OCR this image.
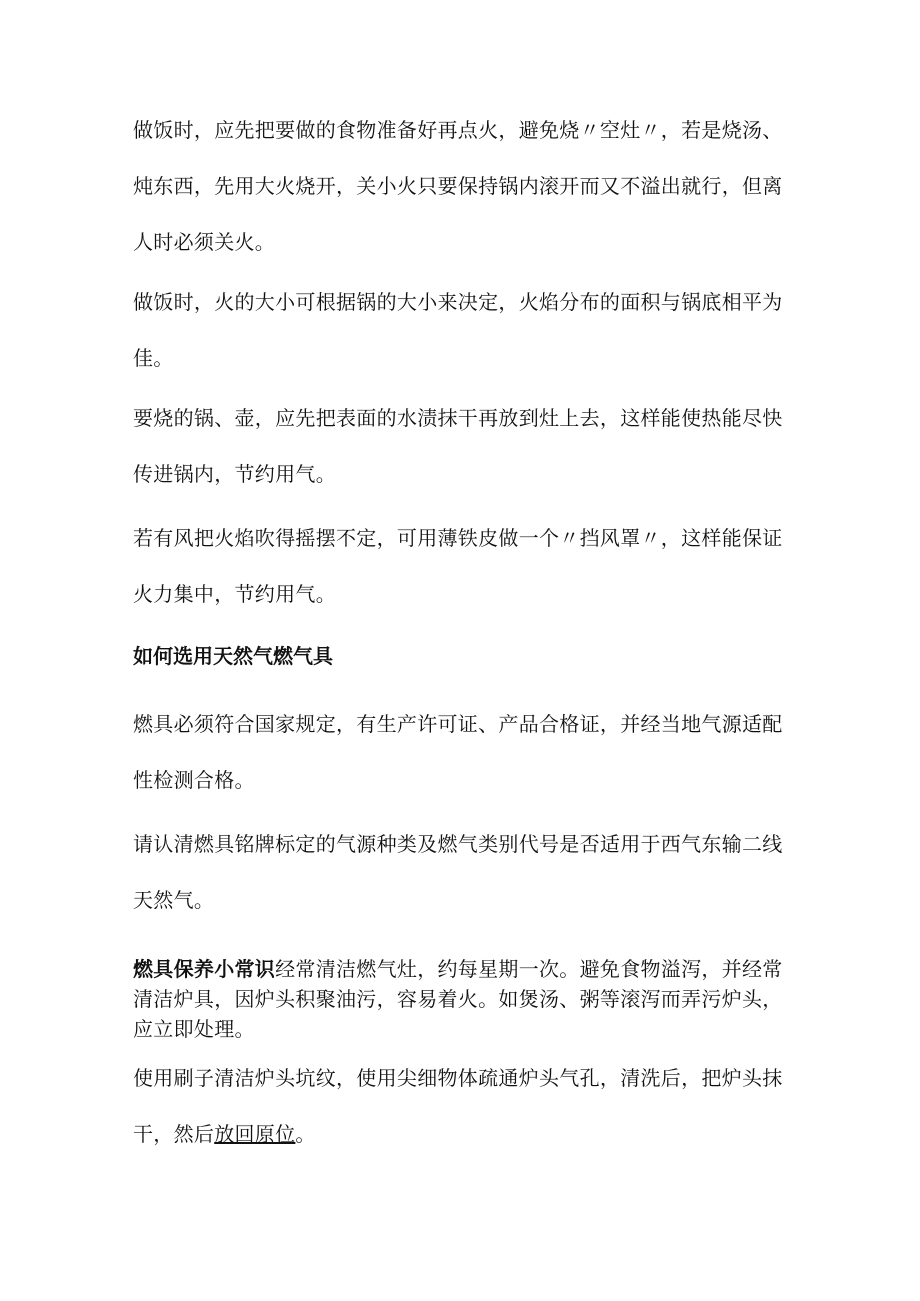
做饭时，应先把要做的食物准备好再点火，避免烧〃空灶〃，若是烧汤、炖东西，先用大火烧开，关小火只要保持锅内滚开而又不溢出就行，但离人时必须关火。

做饭时，火的大小可根据锅的大小来决定，火焰分布的面积与锅底相平为佳。

要烧的锅、壶，应先把表面的水渍抹干再放到灶上去，这样能使热能尽快传进锅内，节约用气。

若有风把火焰吹得摇摆不定，可用薄铁皮做一个〃挡风罩〃，这样能保证火力集中，节约用气。

如何选用天然气燃气具

燃具必须符合国家规定，有生产许可证、产品合格证，并经当地气源适配性检测合格。

请认清燃具铭牌标定的气源种类及燃气类别代号是否适用于西气东输二线天然气。

燃具保养小常识经常清洁燃气灶，约每星期一次。避免食物溢泻，并经常清洁炉具，因炉头积聚油污，容易着火。如煲汤、粥等滚泻而弄污炉头，应立即处理。

使用刷子清洁炉头坑纹，使用尖细物体疏通炉头气孔，清洗后，把炉头抹干，然后放回原位。
